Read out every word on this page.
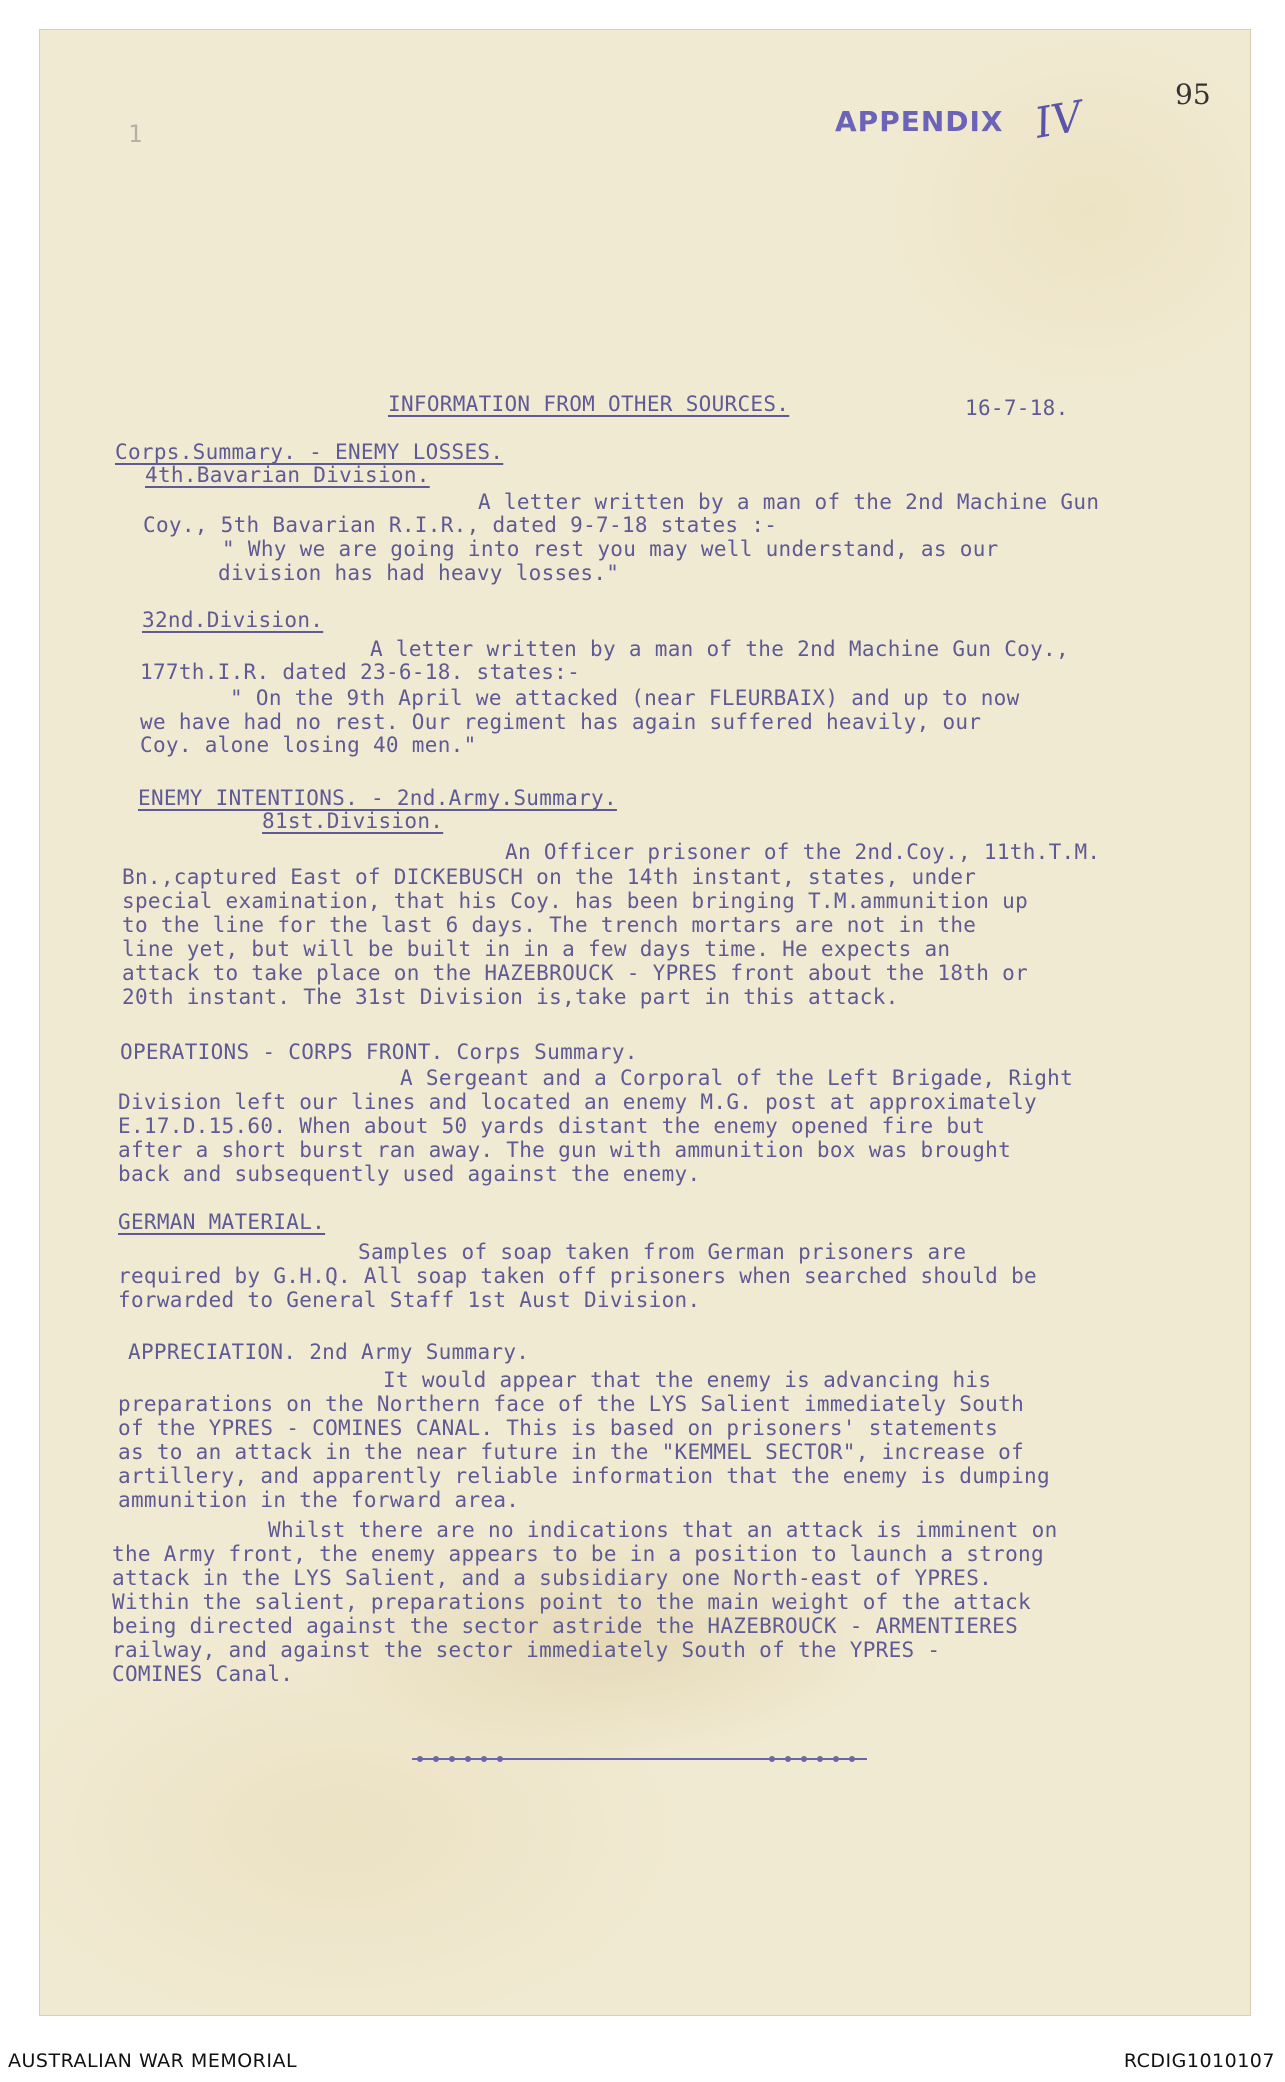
1	APPENDIX IV	95
INFORMATION FROM OTHER SOURCES.	16-7-18.
Corps.Summary. - ENEMY LOSSES.
4th.Bavarian Division.
A letter written by a man of the 2nd Machine Gun
Coy., 5th Bavarian R.I.R., dated 9-7-18 states :-
" Why we are going into rest you may well understand, as our
division has had heavy losses."
32nd.Division.
A letter written by a man of the 2nd Machine Gun Coy.,
177th.I.R. dated 23-6-18. states:-
" On the 9th April we attacked (near FLEURBAIX) and up to now
we have had no rest. Our regiment has again suffered heavily, our
Coy. alone losing 40 men."
ENEMY INTENTIONS. - 2nd.Army.Summary.
81st.Division.
An Officer prisoner of the 2nd.Coy., 11th.T.M.
Bn.,captured East of DICKEBUSCH on the 14th instant, states, under
special examination, that his Coy. has been bringing T.M.ammunition up
to the line for the last 6 days. The trench mortars are not in the
line yet, but will be built in in a few days time. He expects an
attack to take place on the HAZEBROUCK - YPRES front about the 18th or
20th instant. The 31st Division is,take part in this attack.
OPERATIONS - CORPS FRONT. Corps Summary.
A Sergeant and a Corporal of the Left Brigade, Right
Division left our lines and located an enemy M.G. post at approximately
E.17.D.15.60. When about 50 yards distant the enemy opened fire but
after a short burst ran away. The gun with ammunition box was brought
back and subsequently used against the enemy.
GERMAN MATERIAL.
Samples of soap taken from German prisoners are
required by G.H.Q. All soap taken off prisoners when searched should be
forwarded to General Staff 1st Aust Division.
APPRECIATION. 2nd Army Summary.
It would appear that the enemy is advancing his
preparations on the Northern face of the LYS Salient immediately South
of the YPRES - COMINES CANAL. This is based on prisoners' statements
as to an attack in the near future in the "KEMMEL SECTOR", increase of
artillery, and apparently reliable information that the enemy is dumping
ammunition in the forward area.
Whilst there are no indications that an attack is imminent on
the Army front, the enemy appears to be in a position to launch a strong
attack in the LYS Salient, and a subsidiary one North-east of YPRES.
Within the salient, preparations point to the main weight of the attack
being directed against the sector astride the HAZEBROUCK - ARMENTIERES
railway, and against the sector immediately South of the YPRES -
COMINES Canal.
AUSTRALIAN WAR MEMORIAL	RCDIG1010107
